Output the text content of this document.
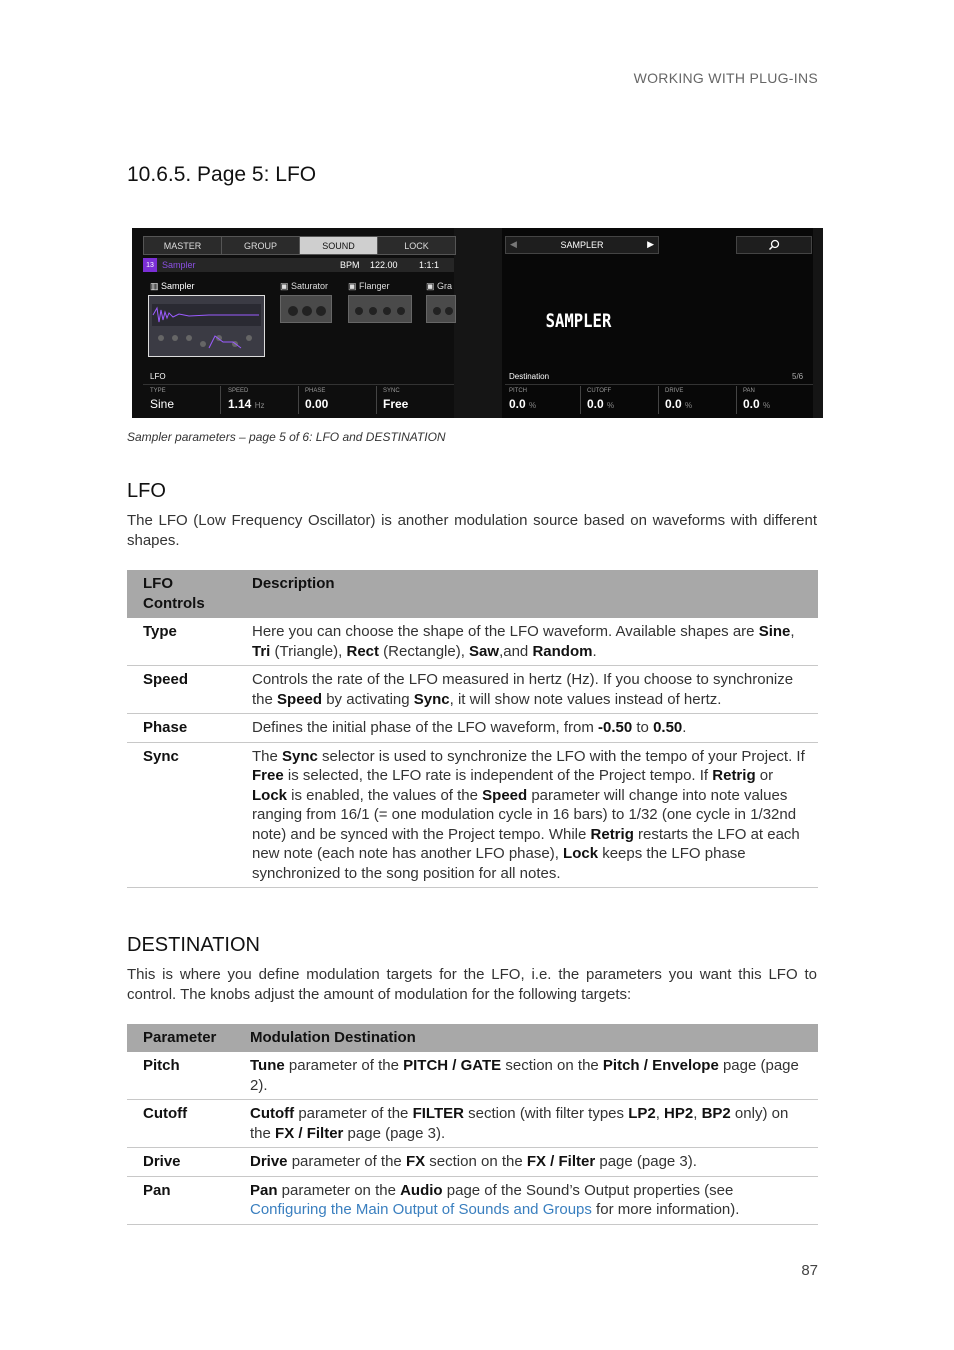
WORKING WITH PLUG-INS
10.6.5. Page 5: LFO
MASTER	GROUP	SOUND	LOCK
13 Sampler	BPM 122.00 1:1:1
▥ Sampler	▣ Saturator ▣ Flanger	▣ Gra
LFO
TYPE
Sine
SPEED
1.14 Hz
PHASE
0.00
SYNC
Free
◀	SAMPLER	▶
SAMPLER
Destination	5/6
PITCH
0.0 %
CUTOFF
0.0 %
DRIVE
0.0 %
PAN
0.0 %
Sampler parameters – page 5 of 6: LFO and DESTINATION
LFO
The LFO (Low Frequency Oscillator) is another modulation source based on waveforms with different shapes.
LFO Controls	Description
Type	Here you can choose the shape of the LFO waveform. Available shapes are Sine, Tri (Triangle), Rect (Rectangle), Saw,and Random.
Speed	Controls the rate of the LFO measured in hertz (Hz). If you choose to synchronize the Speed by activating Sync, it will show note values instead of hertz.
Phase	Defines the initial phase of the LFO waveform, from -0.50 to 0.50.
Sync	The Sync selector is used to synchronize the LFO with the tempo of your Project. If Free is selected, the LFO rate is independent of the Project tempo. If Retrig or Lock is enabled, the values of the Speed parameter will change into note values ranging from 16/1 (= one modulation cycle in 16 bars) to 1/32 (one cycle in 1/32nd note) and be synced with the Project tempo. While Retrig restarts the LFO at each new note (each note has another LFO phase), Lock keeps the LFO phase synchronized to the song position for all notes.
DESTINATION
This is where you define modulation targets for the LFO, i.e. the parameters you want this LFO to control. The knobs adjust the amount of modulation for the following targets:
Parameter	Modulation Destination
Pitch	Tune parameter of the PITCH / GATE section on the Pitch / Envelope page (page 2).
Cutoff	Cutoff parameter of the FILTER section (with filter types LP2, HP2, BP2 only) on the FX / Filter page (page 3).
Drive	Drive parameter of the FX section on the FX / Filter page (page 3).
Pan	Pan parameter on the Audio page of the Sound’s Output properties (see Configuring the Main Output of Sounds and Groups for more information).
87
